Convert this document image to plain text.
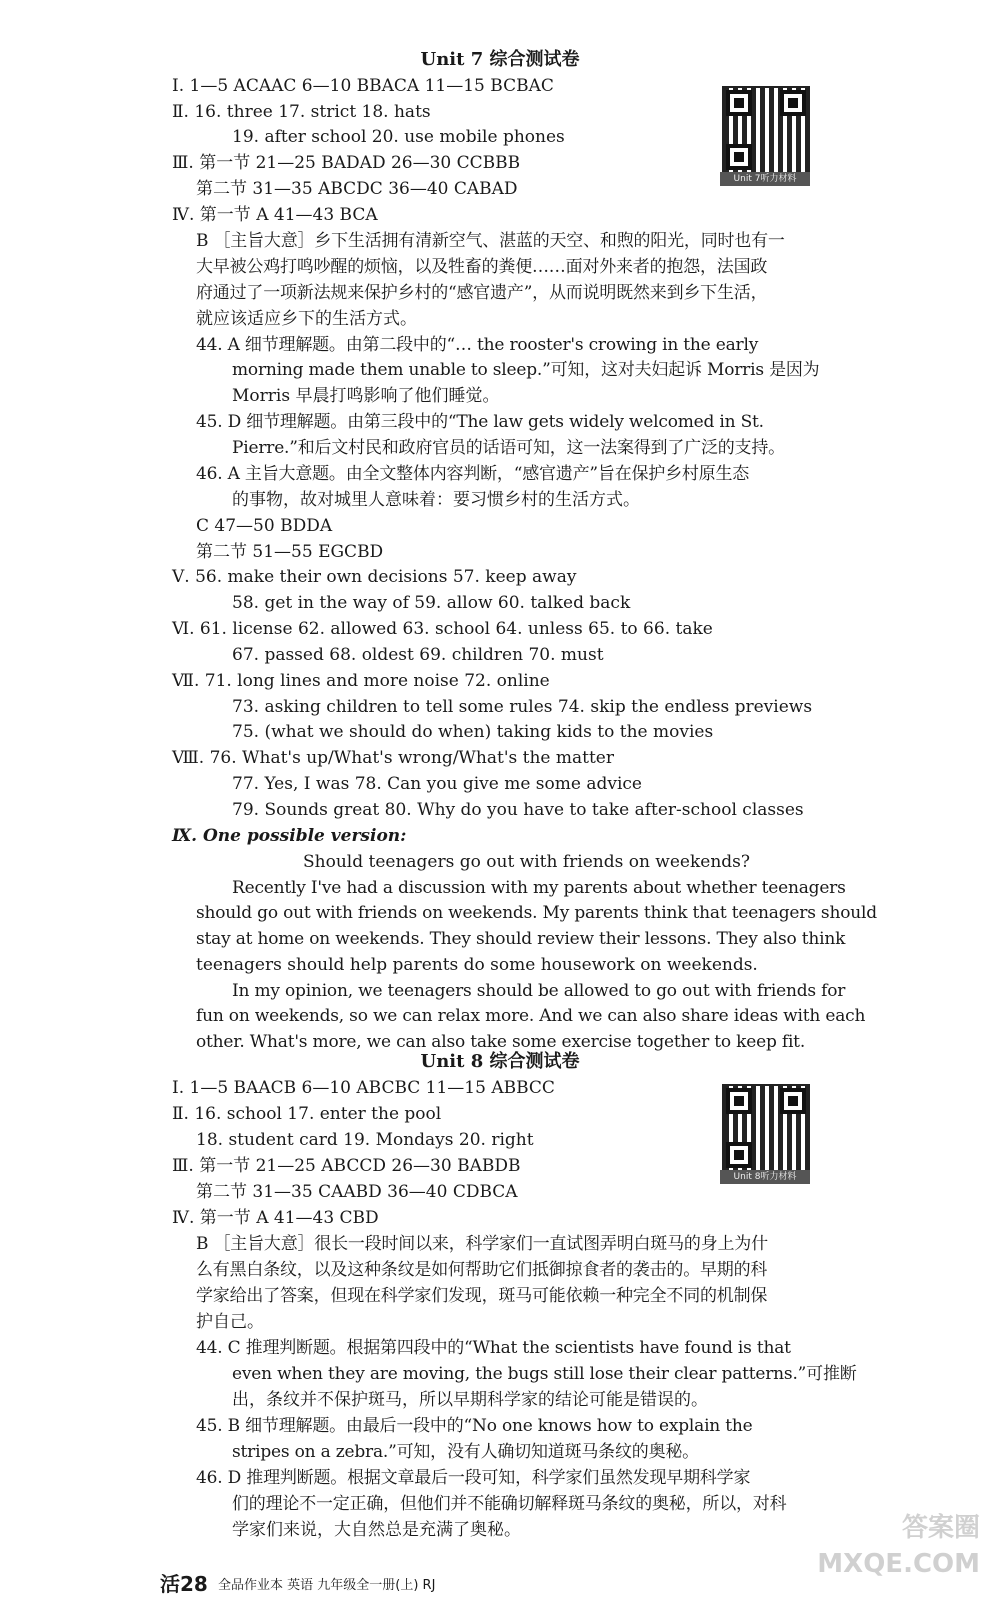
Unit 7 综合测试卷
Unit 7听力材料
Ⅰ. 1—5 ACAAC 6—10 BBACA 11—15 BCBAC
Ⅱ. 16. three 17. strict 18. hats
19. after school 20. use mobile phones
Ⅲ. 第一节 21—25 BADAD 26—30 CCBBB
第二节 31—35 ABCDC 36—40 CABAD
Ⅳ. 第一节 A 41—43 BCA
B ［主旨大意］乡下生活拥有清新空气、湛蓝的天空、和煦的阳光，同时也有一
大早被公鸡打鸣吵醒的烦恼，以及牲畜的粪便……面对外来者的抱怨，法国政
府通过了一项新法规来保护乡村的“感官遗产”，从而说明既然来到乡下生活，
就应该适应乡下的生活方式。
44. A 细节理解题。由第二段中的“… the rooster's crowing in the early
morning made them unable to sleep.”可知，这对夫妇起诉 Morris 是因为
Morris 早晨打鸣影响了他们睡觉。
45. D 细节理解题。由第三段中的“The law gets widely welcomed in St.
Pierre.”和后文村民和政府官员的话语可知，这一法案得到了广泛的支持。
46. A 主旨大意题。由全文整体内容判断，“感官遗产”旨在保护乡村原生态
的事物，故对城里人意味着：要习惯乡村的生活方式。
C 47—50 BDDA
第二节 51—55 EGCBD
Ⅴ. 56. make their own decisions 57. keep away
58. get in the way of 59. allow 60. talked back
Ⅵ. 61. license 62. allowed 63. school 64. unless 65. to 66. take
67. passed 68. oldest 69. children 70. must
Ⅶ. 71. long lines and more noise 72. online
73. asking children to tell some rules 74. skip the endless previews
75. (what we should do when) taking kids to the movies
Ⅷ. 76. What's up/What's wrong/What's the matter
77. Yes, I was 78. Can you give me some advice
79. Sounds great 80. Why do you have to take after-school classes
Ⅸ. One possible version:
Should teenagers go out with friends on weekends?
Recently I've had a discussion with my parents about whether teenagers
should go out with friends on weekends. My parents think that teenagers should
stay at home on weekends. They should review their lessons. They also think
teenagers should help parents do some housework on weekends.
In my opinion, we teenagers should be allowed to go out with friends for
fun on weekends, so we can relax more. And we can also share ideas with each
other. What's more, we can also take some exercise together to keep fit.
Unit 8 综合测试卷
Unit 8听力材料
Ⅰ. 1—5 BAACB 6—10 ABCBC 11—15 ABBCC
Ⅱ. 16. school 17. enter the pool
18. student card 19. Mondays 20. right
Ⅲ. 第一节 21—25 ABCCD 26—30 BABDB
第二节 31—35 CAABD 36—40 CDBCA
Ⅳ. 第一节 A 41—43 CBD
B ［主旨大意］很长一段时间以来，科学家们一直试图弄明白斑马的身上为什
么有黑白条纹，以及这种条纹是如何帮助它们抵御掠食者的袭击的。早期的科
学家给出了答案，但现在科学家们发现，斑马可能依赖一种完全不同的机制保
护自己。
44. C 推理判断题。根据第四段中的“What the scientists have found is that
even when they are moving, the bugs still lose their clear patterns.”可推断
出，条纹并不保护斑马，所以早期科学家的结论可能是错误的。
45. B 细节理解题。由最后一段中的“No one knows how to explain the
stripes on a zebra.”可知，没有人确切知道斑马条纹的奥秘。
46. D 推理判断题。根据文章最后一段可知，科学家们虽然发现早期科学家
们的理论不一定正确，但他们并不能确切解释斑马条纹的奥秘，所以，对科
学家们来说，大自然总是充满了奥秘。
活28 全品作业本 英语 九年级全一册(上) RJ
答案圈
MXQE.COM
